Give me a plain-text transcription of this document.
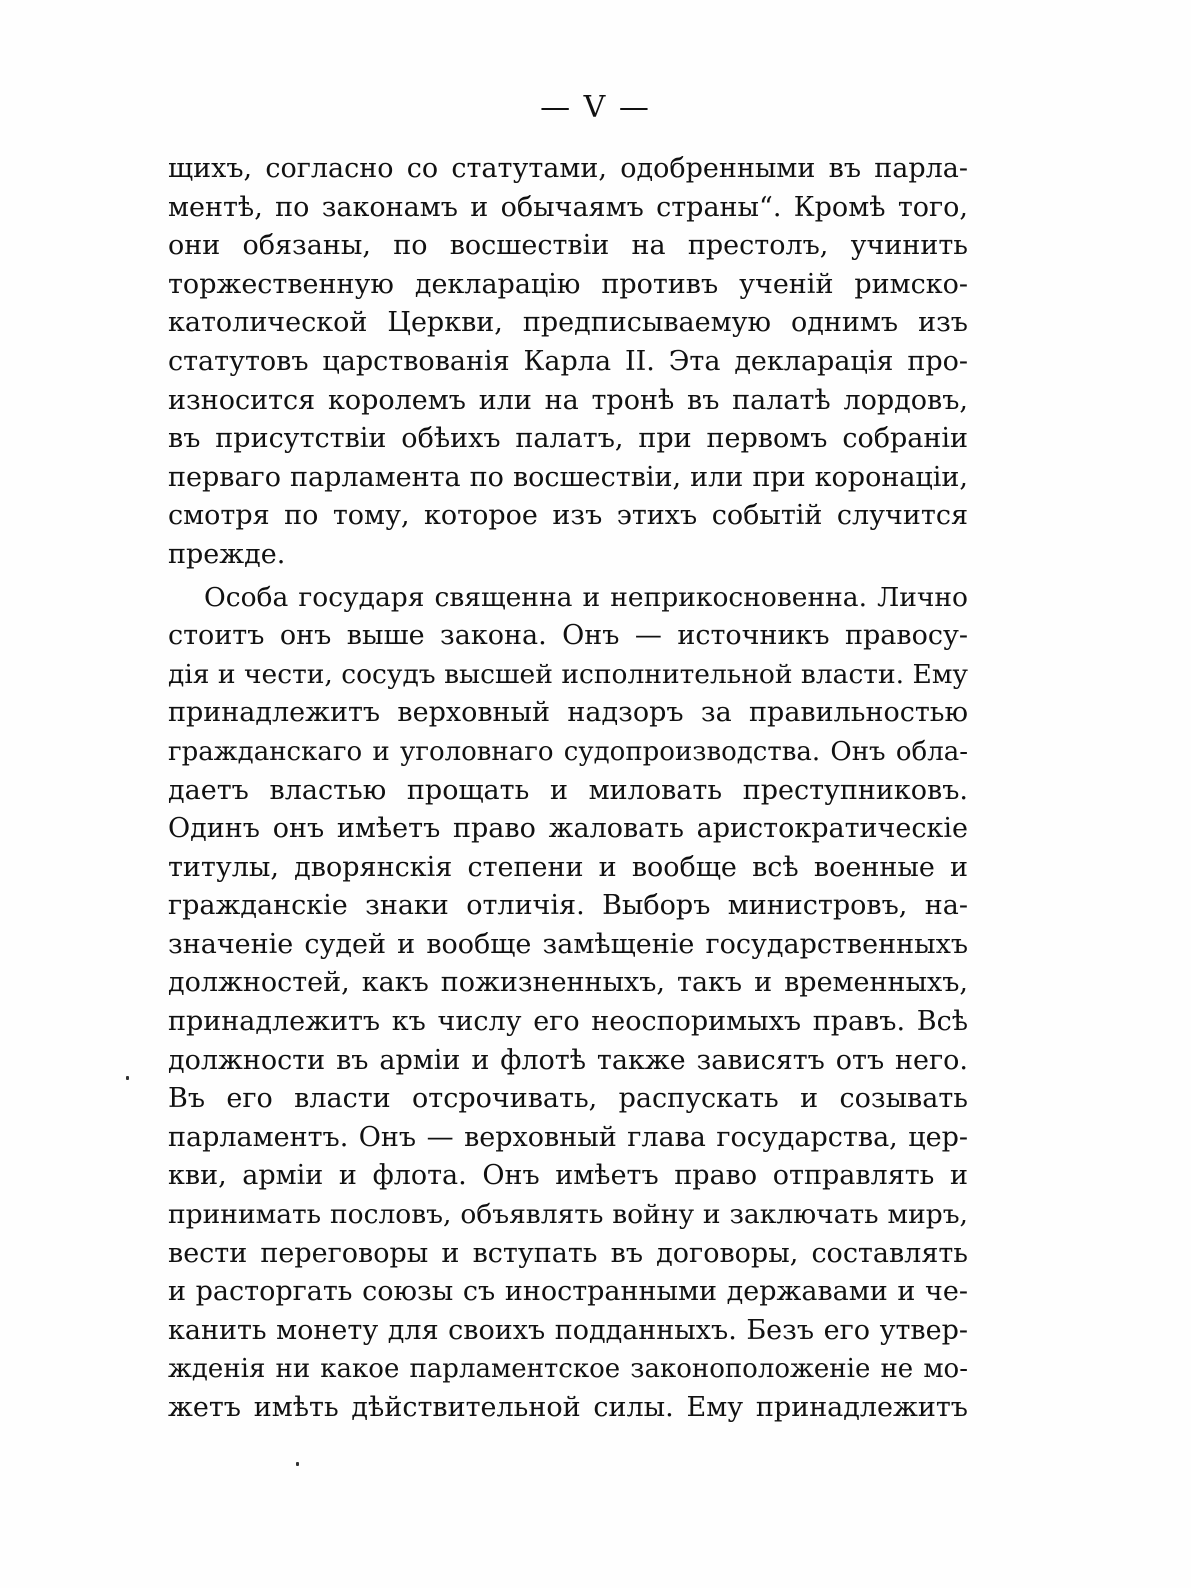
— V —
щихъ, согласно со статутами, одобренными въ парла-
ментѣ, по законамъ и обычаямъ страны“. Кромѣ того,
они обязаны, по восшествіи на престолъ, учинить
торжественную декларацію противъ ученій римско-
католической Церкви, предписываемую однимъ изъ
статутовъ царствованія Карла II. Эта декларація про-
износится королемъ или на тронѣ въ палатѣ лордовъ,
въ присутствіи обѣихъ палатъ, при первомъ собраніи
перваго парламента по восшествіи, или при коронаціи,
смотря по тому, которое изъ этихъ событій случится
прежде.
Особа государя священна и неприкосновенна. Лично
стоитъ онъ выше закона. Онъ — источникъ правосу-
дія и чести, сосудъ высшей исполнительной власти. Ему
принадлежитъ верховный надзоръ за правильностью
гражданскаго и уголовнаго судопроизводства. Онъ обла-
даетъ властью прощать и миловать преступниковъ.
Одинъ онъ имѣетъ право жаловать аристократическіе
титулы, дворянскія степени и вообще всѣ военные и
гражданскіе знаки отличія. Выборъ министровъ, на-
значеніе судей и вообще замѣщеніе государственныхъ
должностей, какъ пожизненныхъ, такъ и временныхъ,
принадлежитъ къ числу его неоспоримыхъ правъ. Всѣ
должности въ арміи и флотѣ также зависятъ отъ него.
Въ его власти отсрочивать, распускать и созывать
парламентъ. Онъ — верховный глава государства, цер-
кви, арміи и флота. Онъ имѣетъ право отправлять и
принимать пословъ, объявлять войну и заключать миръ,
вести переговоры и вступать въ договоры, составлять
и расторгать союзы съ иностранными державами и че-
канить монету для своихъ подданныхъ. Безъ его утвер-
жденія ни какое парламентское законоположеніе не мо-
жетъ имѣть дѣйствительной силы. Ему принадлежитъ
